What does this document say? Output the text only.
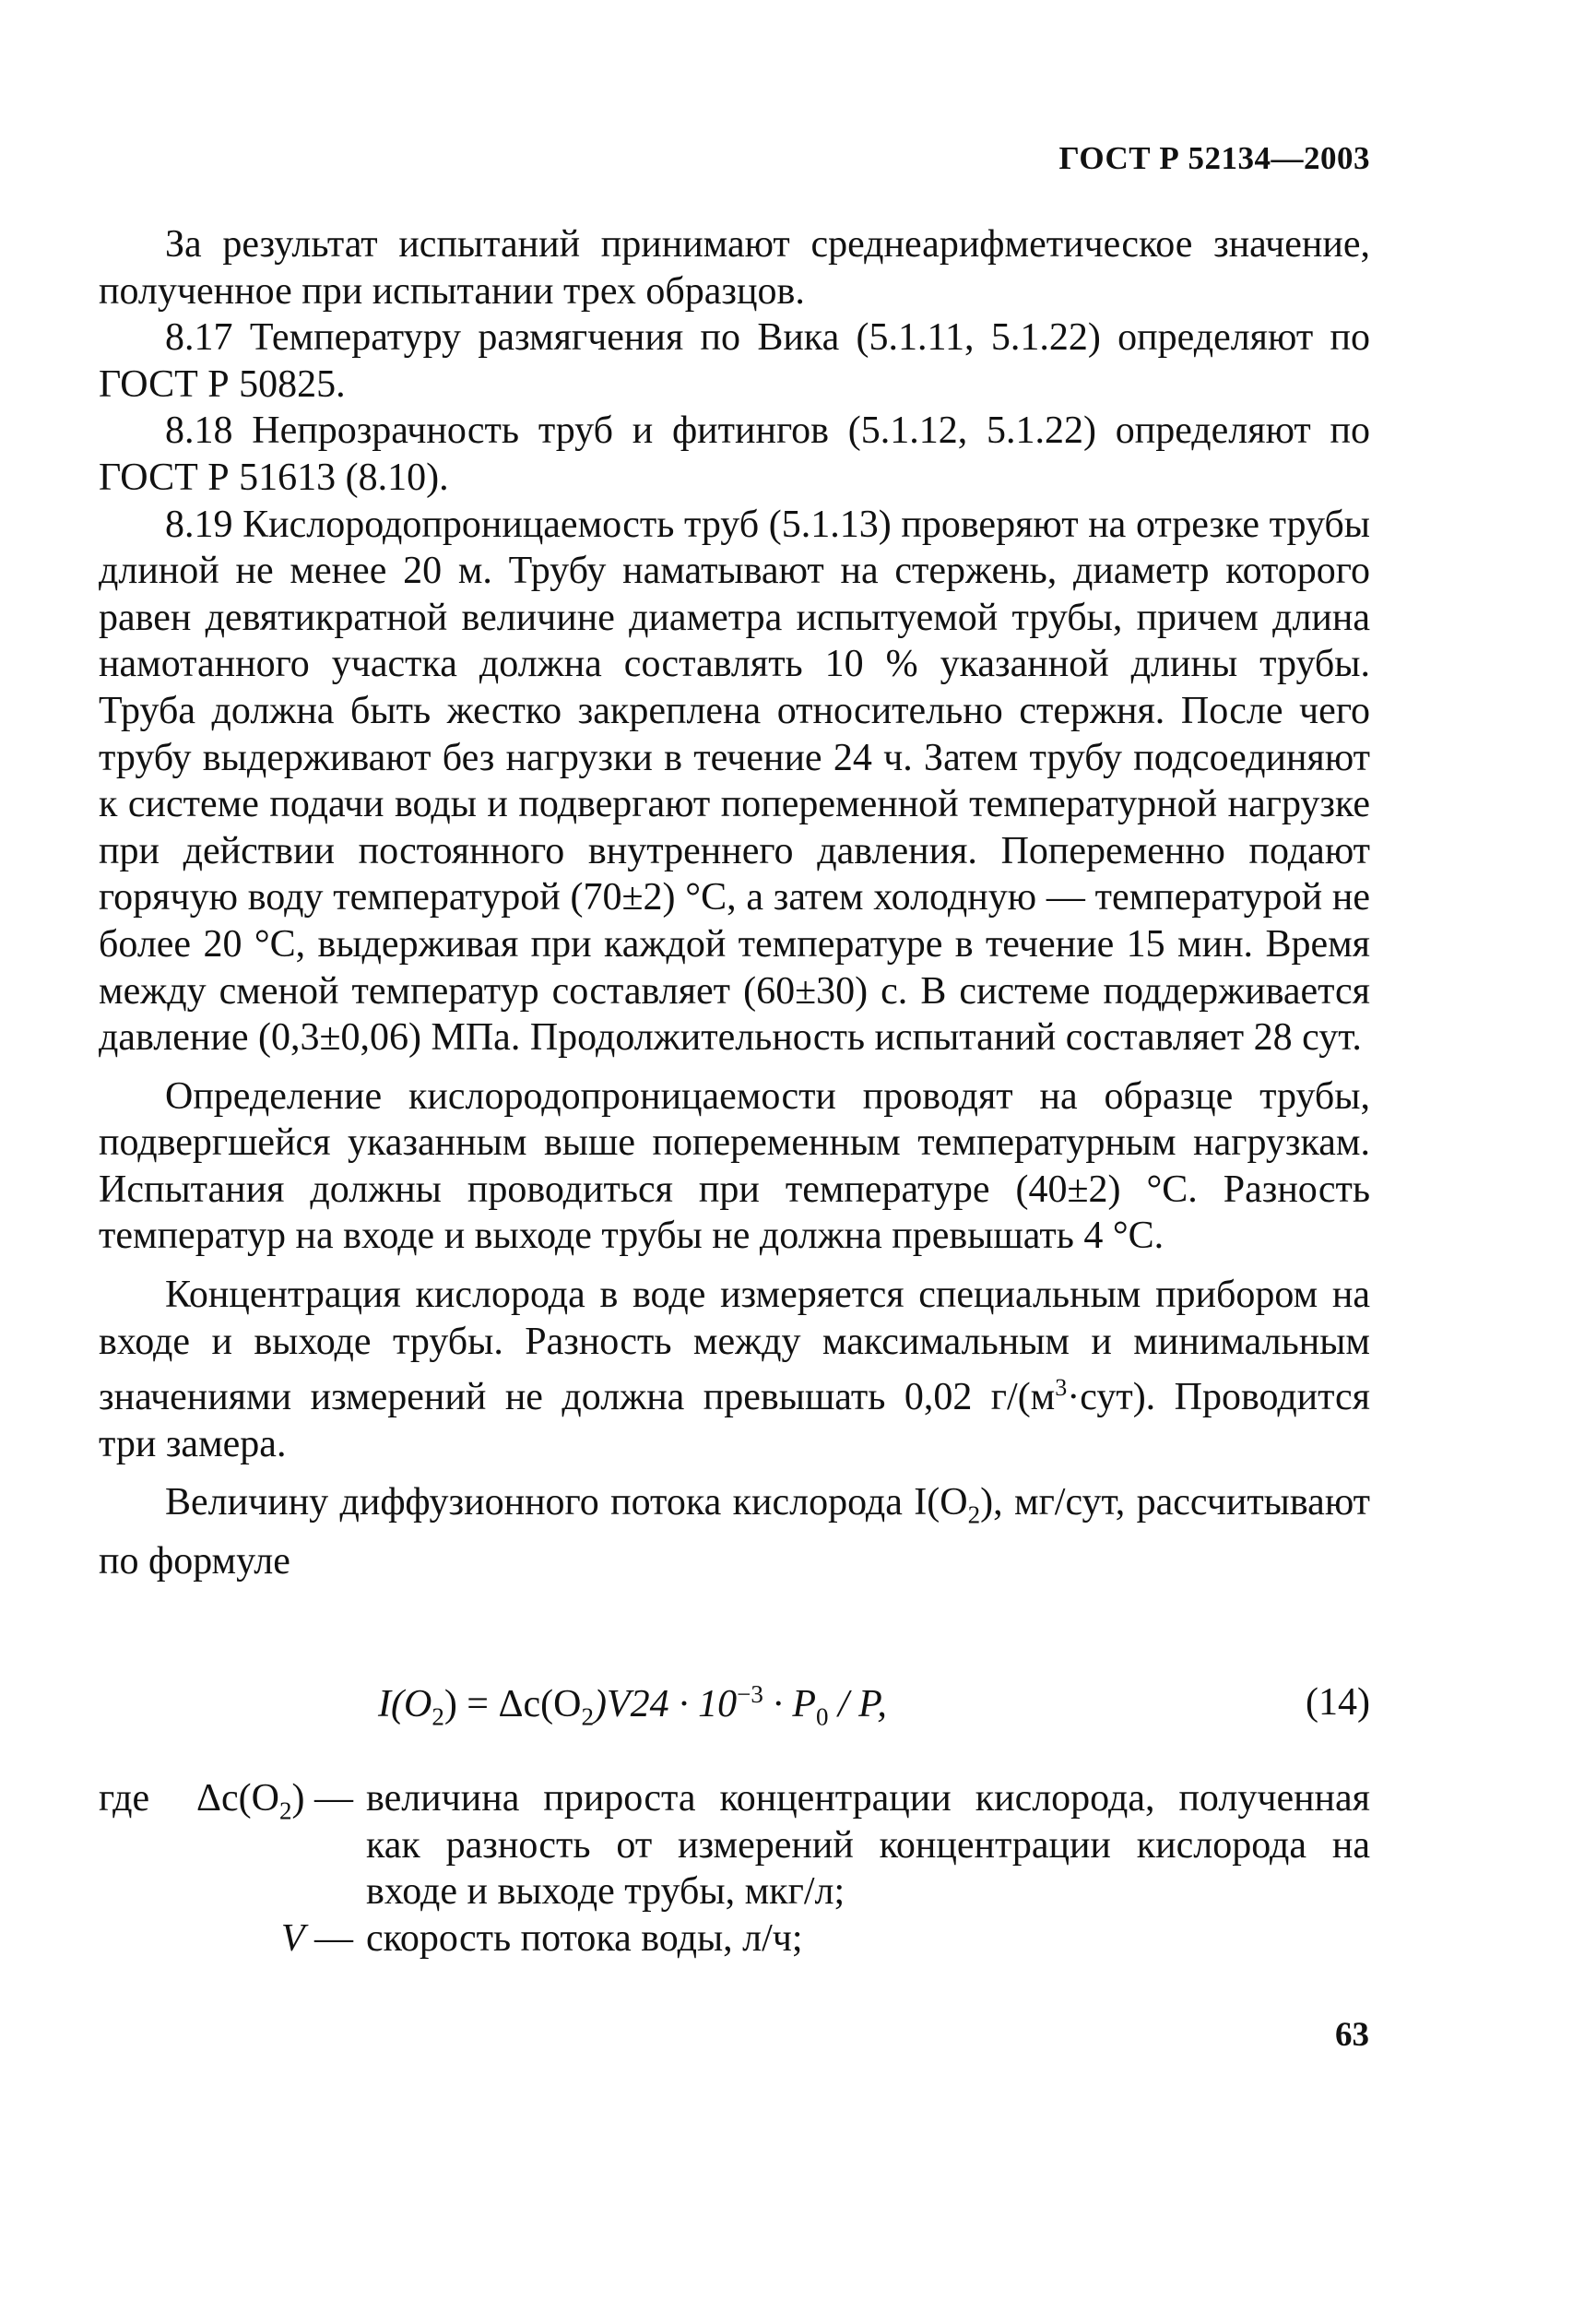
ГОСТ Р 52134—2003

За результат испытаний принимают среднеарифметическое значение, полученное при испытании трех образцов.

8.17 Температуру размягчения по Вика (5.1.11, 5.1.22) определяют по ГОСТ Р 50825.

8.18 Непрозрачность труб и фитингов (5.1.12, 5.1.22) определяют по ГОСТ Р 51613 (8.10).

8.19 Кислородопроницаемость труб (5.1.13) проверяют на отрезке трубы длиной не менее 20 м. Трубу наматывают на стержень, диаметр которого равен девятикратной величине диаметра испытуемой трубы, причем длина намотанного участка должна составлять 10 % указанной длины трубы. Труба должна быть жестко закреплена относительно стержня. После чего трубу выдерживают без нагрузки в течение 24 ч. Затем трубу подсоединяют к системе подачи воды и подвергают попеременной температурной нагрузке при действии постоянного внутреннего давления. Попеременно подают горячую воду температурой (70±2) °С, а затем холодную — температурой не более 20 °С, выдерживая при каждой температуре в течение 15 мин. Время между сменой температур составляет (60±30) с. В системе поддерживается давление (0,3±0,06) МПа. Продолжительность испытаний составляет 28 сут.

Определение кислородопроницаемости проводят на образце трубы, подвергшейся указанным выше попеременным температурным нагрузкам. Испытания должны проводиться при температуре (40±2) °С. Разность температур на входе и выходе трубы не должна превышать 4 °С.

Концентрация кислорода в воде измеряется специальным прибором на входе и выходе трубы. Разность между максимальным и минимальным значениями измерений не должна превышать 0,02 $г/(м^3\cdot сут)$. Проводится три замера.

Величину диффузионного потока кислорода $I(O_2)$, мг/сут, рассчитывают по формуле

$I(O_2) = \Delta c(O_2)V24 \cdot 10^{-3} \cdot P_0 / P$,	(14)
где $\Delta c(O_2)$ — величина прироста концентрации кислорода, полученная как разность от измерений концентрации кислорода на входе и выходе трубы, мкг/л;
V — скорость потока воды, л/ч;
63
